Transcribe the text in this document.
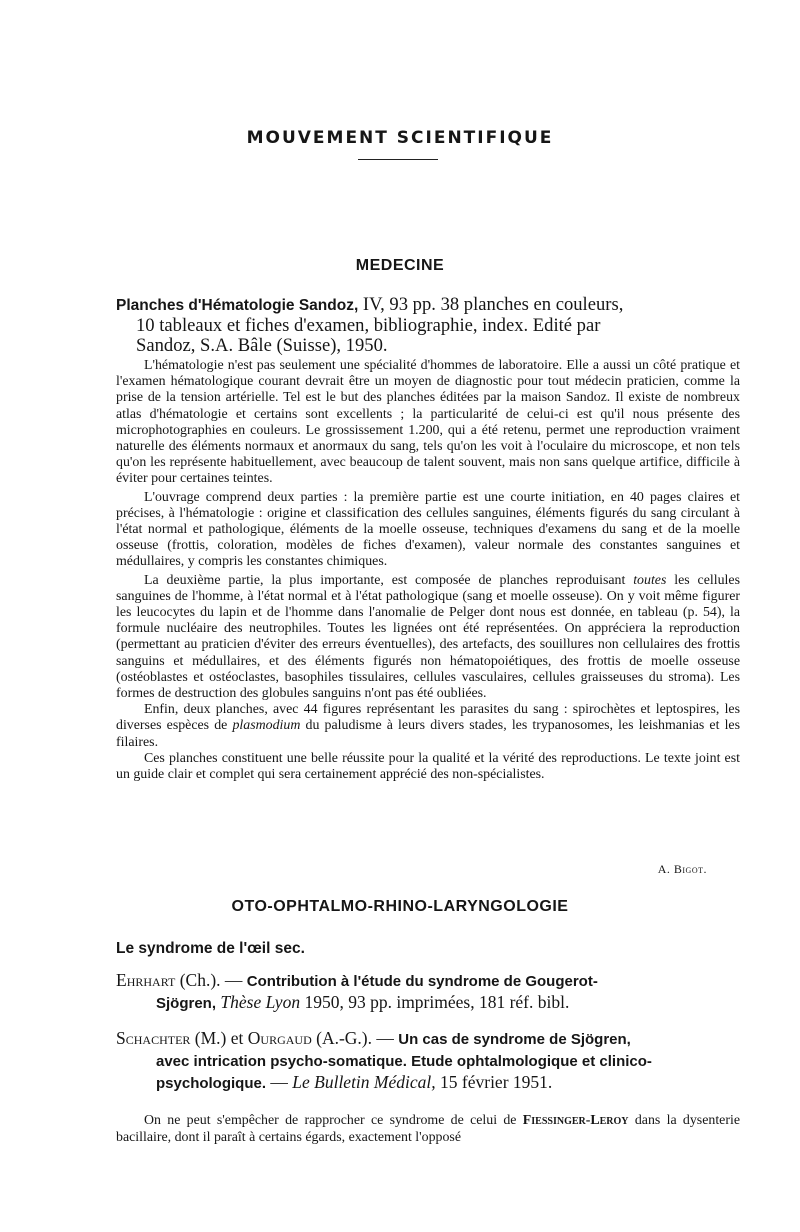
MOUVEMENT SCIENTIFIQUE
MEDECINE
Planches d'Hématologie Sandoz, IV, 93 pp. 38 planches en couleurs,
10 tableaux et fiches d'examen, bibliographie, index. Edité par
Sandoz, S.A. Bâle (Suisse), 1950.

L'hématologie n'est pas seulement une spécialité d'hommes de laboratoire. Elle a aussi un côté pratique et l'examen hématologique courant devrait être un moyen de diagnostic pour tout médecin praticien, comme la prise de la tension artérielle. Tel est le but des planches éditées par la maison Sandoz. Il existe de nombreux atlas d'hématologie et certains sont excellents ; la particularité de celui-ci est qu'il nous présente des microphotographies en couleurs. Le grossissement 1.200, qui a été retenu, permet une reproduction vraiment naturelle des éléments normaux et anormaux du sang, tels qu'on les voit à l'oculaire du microscope, et non tels qu'on les représente habituellement, avec beaucoup de talent souvent, mais non sans quelque artifice, difficile à éviter pour certaines teintes.

L'ouvrage comprend deux parties : la première partie est une courte initiation, en 40 pages claires et précises, à l'hématologie : origine et classification des cellules sanguines, éléments figurés du sang circulant à l'état normal et pathologique, éléments de la moelle osseuse, techniques d'examens du sang et de la moelle osseuse (frottis, coloration, modèles de fiches d'examen), valeur normale des constantes sanguines et médullaires, y compris les constantes chimiques.

La deuxième partie, la plus importante, est composée de planches reproduisant toutes les cellules sanguines de l'homme, à l'état normal et à l'état pathologique (sang et moelle osseuse). On y voit même figurer les leucocytes du lapin et de l'homme dans l'anomalie de Pelger dont nous est donnée, en tableau (p. 54), la formule nucléaire des neutrophiles. Toutes les lignées ont été représentées. On appréciera la reproduction (permettant au praticien d'éviter des erreurs éventuelles), des artefacts, des souillures non cellulaires des frottis sanguins et médullaires, et des éléments figurés non hématopoiétiques, des frottis de moelle osseuse (ostéoblastes et ostéoclastes, basophiles tissulaires, cellules vasculaires, cellules graisseuses du stroma). Les formes de destruction des globules sanguins n'ont pas été oubliées.

Enfin, deux planches, avec 44 figures représentant les parasites du sang : spirochètes et leptospires, les diverses espèces de plasmodium du paludisme à leurs divers stades, les trypanosomes, les leishmanias et les filaires.

Ces planches constituent une belle réussite pour la qualité et la vérité des reproductions. Le texte joint est un guide clair et complet qui sera certainement apprécié des non-spécialistes.

A. Bigot.
OTO-OPHTALMO-RHINO-LARYNGOLOGIE
Le syndrome de l'œil sec.
Ehrhart (Ch.). — Contribution à l'étude du syndrome de Gougerot-
Sjögren, Thèse Lyon 1950, 93 pp. imprimées, 181 réf. bibl.
Schachter (M.) et Ourgaud (A.-G.). — Un cas de syndrome de Sjögren,
avec intrication psycho-somatique. Etude ophtalmologique et clinico-
psychologique. — Le Bulletin Médical, 15 février 1951.

On ne peut s'empêcher de rapprocher ce syndrome de celui de Fiessinger-Leroy dans la dysenterie bacillaire, dont il paraît à certains égards, exactement l'opposé
